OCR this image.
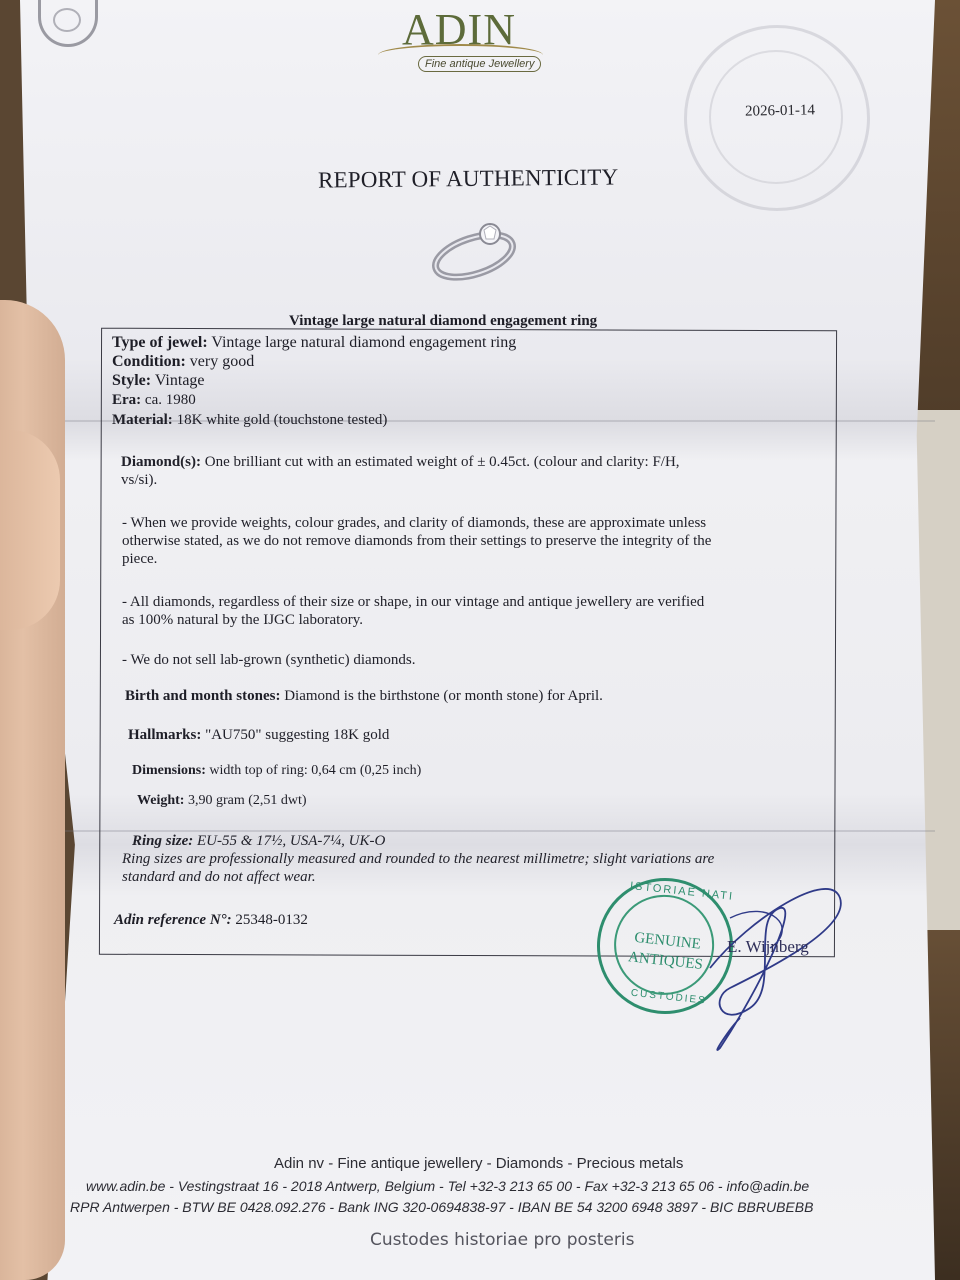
ADIN
Fine antique Jewellery
2026-01-14
REPORT OF AUTHENTICITY
Vintage large natural diamond engagement ring
Type of jewel: Vintage large natural diamond engagement ring
Condition: very good
Style: Vintage
Era: ca. 1980
Material: 18K white gold (touchstone tested)
Diamond(s): One brilliant cut with an estimated weight of ± 0.45ct. (colour and clarity: F/H,
vs/si).
- When we provide weights, colour grades, and clarity of diamonds, these are approximate unless
otherwise stated, as we do not remove diamonds from their settings to preserve the integrity of the
piece.
- All diamonds, regardless of their size or shape, in our vintage and antique jewellery are verified
as 100% natural by the IJGC laboratory.
- We do not sell lab-grown (synthetic) diamonds.
Birth and month stones: Diamond is the birthstone (or month stone) for April.
Hallmarks: "AU750" suggesting 18K gold
Dimensions: width top of ring: 0,64 cm (0,25 inch)
Weight: 3,90 gram (2,51 dwt)
Ring size: EU-55 & 17½, USA-7¼, UK-O
Ring sizes are professionally measured and rounded to the nearest millimetre; slight variations are
standard and do not affect wear.
Adin reference N°: 25348-0132
ISTORIAE NATI
GENUINE
ANTIQUES
CUSTODIES
E. Wijnberg
Adin nv - Fine antique jewellery - Diamonds - Precious metals
www.adin.be - Vestingstraat 16 - 2018 Antwerp, Belgium - Tel +32-3 213 65 00 - Fax +32-3 213 65 06 - info@adin.be
RPR Antwerpen - BTW BE 0428.092.276 - Bank ING 320-0694838-97 - IBAN BE 54 3200 6948 3897 - BIC BBRUBEBB
Custodes historiae pro posteris
